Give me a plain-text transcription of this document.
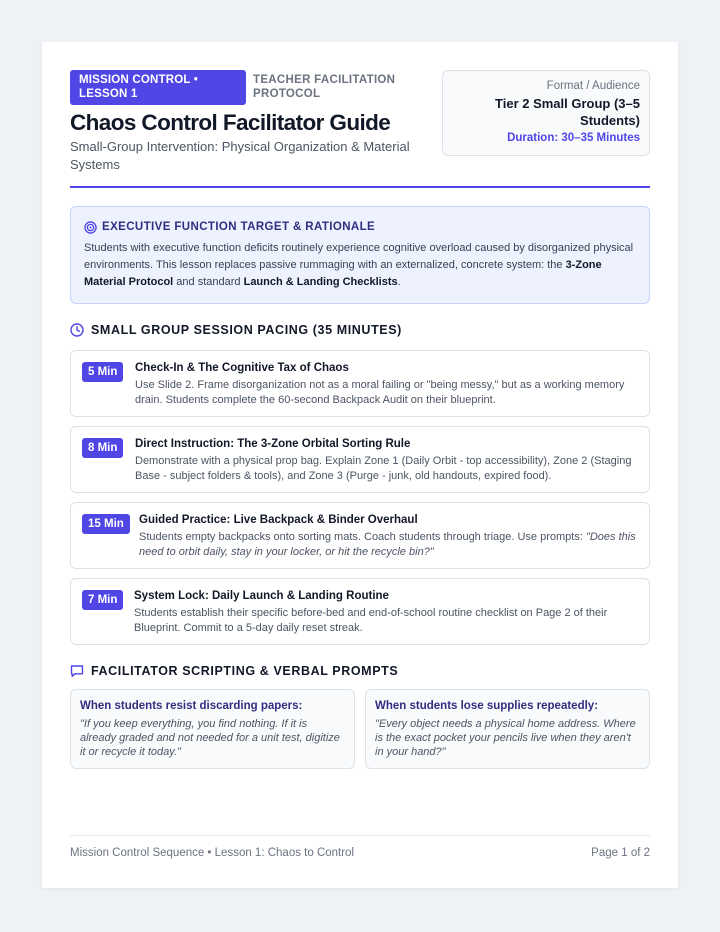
MISSION CONTROL • LESSON 1
TEACHER FACILITATION PROTOCOL
Chaos Control Facilitator Guide
Small-Group Intervention: Physical Organization & Material Systems
Format / Audience
Tier 2 Small Group (3–5 Students)
Duration: 30–35 Minutes
EXECUTIVE FUNCTION TARGET & RATIONALE
Students with executive function deficits routinely experience cognitive overload caused by disorganized physical environments. This lesson replaces passive rummaging with an externalized, concrete system: the 3-Zone Material Protocol and standard Launch & Landing Checklists.
SMALL GROUP SESSION PACING (35 MINUTES)
5 Min	Check-In & The Cognitive Tax of Chaos
Use Slide 2. Frame disorganization not as a moral failing or "being messy," but as a working memory drain. Students complete the 60-second Backpack Audit on their blueprint.
8 Min	Direct Instruction: The 3-Zone Orbital Sorting Rule
Demonstrate with a physical prop bag. Explain Zone 1 (Daily Orbit - top accessibility), Zone 2 (Staging Base - subject folders & tools), and Zone 3 (Purge - junk, old handouts, expired food).
15 Min	Guided Practice: Live Backpack & Binder Overhaul
Students empty backpacks onto sorting mats. Coach students through triage. Use prompts: "Does this need to orbit daily, stay in your locker, or hit the recycle bin?"
7 Min	System Lock: Daily Launch & Landing Routine
Students establish their specific before-bed and end-of-school routine checklist on Page 2 of their Blueprint. Commit to a 5-day daily reset streak.
FACILITATOR SCRIPTING & VERBAL PROMPTS
When students resist discarding papers:
"If you keep everything, you find nothing. If it is already graded and not needed for a unit test, digitize it or recycle it today."
When students lose supplies repeatedly:
"Every object needs a physical home address. Where is the exact pocket your pencils live when they aren't in your hand?"
Mission Control Sequence • Lesson 1: Chaos to Control	Page 1 of 2
